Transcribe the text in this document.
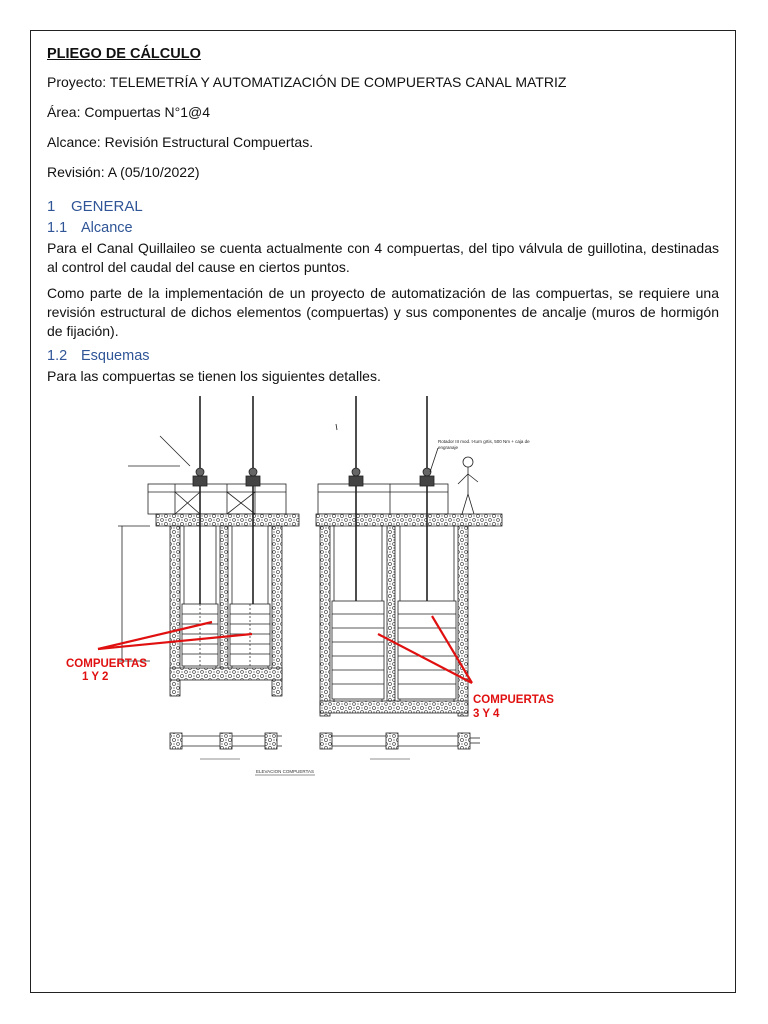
PLIEGO DE CÁLCULO
Proyecto: TELEMETRÍA Y AUTOMATIZACIÓN DE COMPUERTAS CANAL MATRIZ
Área: Compuertas N°1@4
Alcance: Revisión Estructural Compuertas.
Revisión: A (05/10/2022)
1 GENERAL
1.1 Alcance
Para el Canal Quillaileo se cuenta actualmente con 4 compuertas, del tipo válvula de guillotina, destinadas al control del caudal del cause en ciertos puntos.
Como parte de la implementación de un proyecto de automatización de las compuertas, se requiere una revisión estructural de dichos elementos (compuertas) y sus componentes de ancalje (muros de hormigón de fijación).
1.2 Esquemas
Para las compuertas se tienen los siguientes detalles.
Rotador III mod. t-turn grtis, 500 Nm + caja de
engranaje
ELEVACION COMPUERTAS
COMPUERTAS
1 Y 2
COMPUERTAS
3 Y 4
